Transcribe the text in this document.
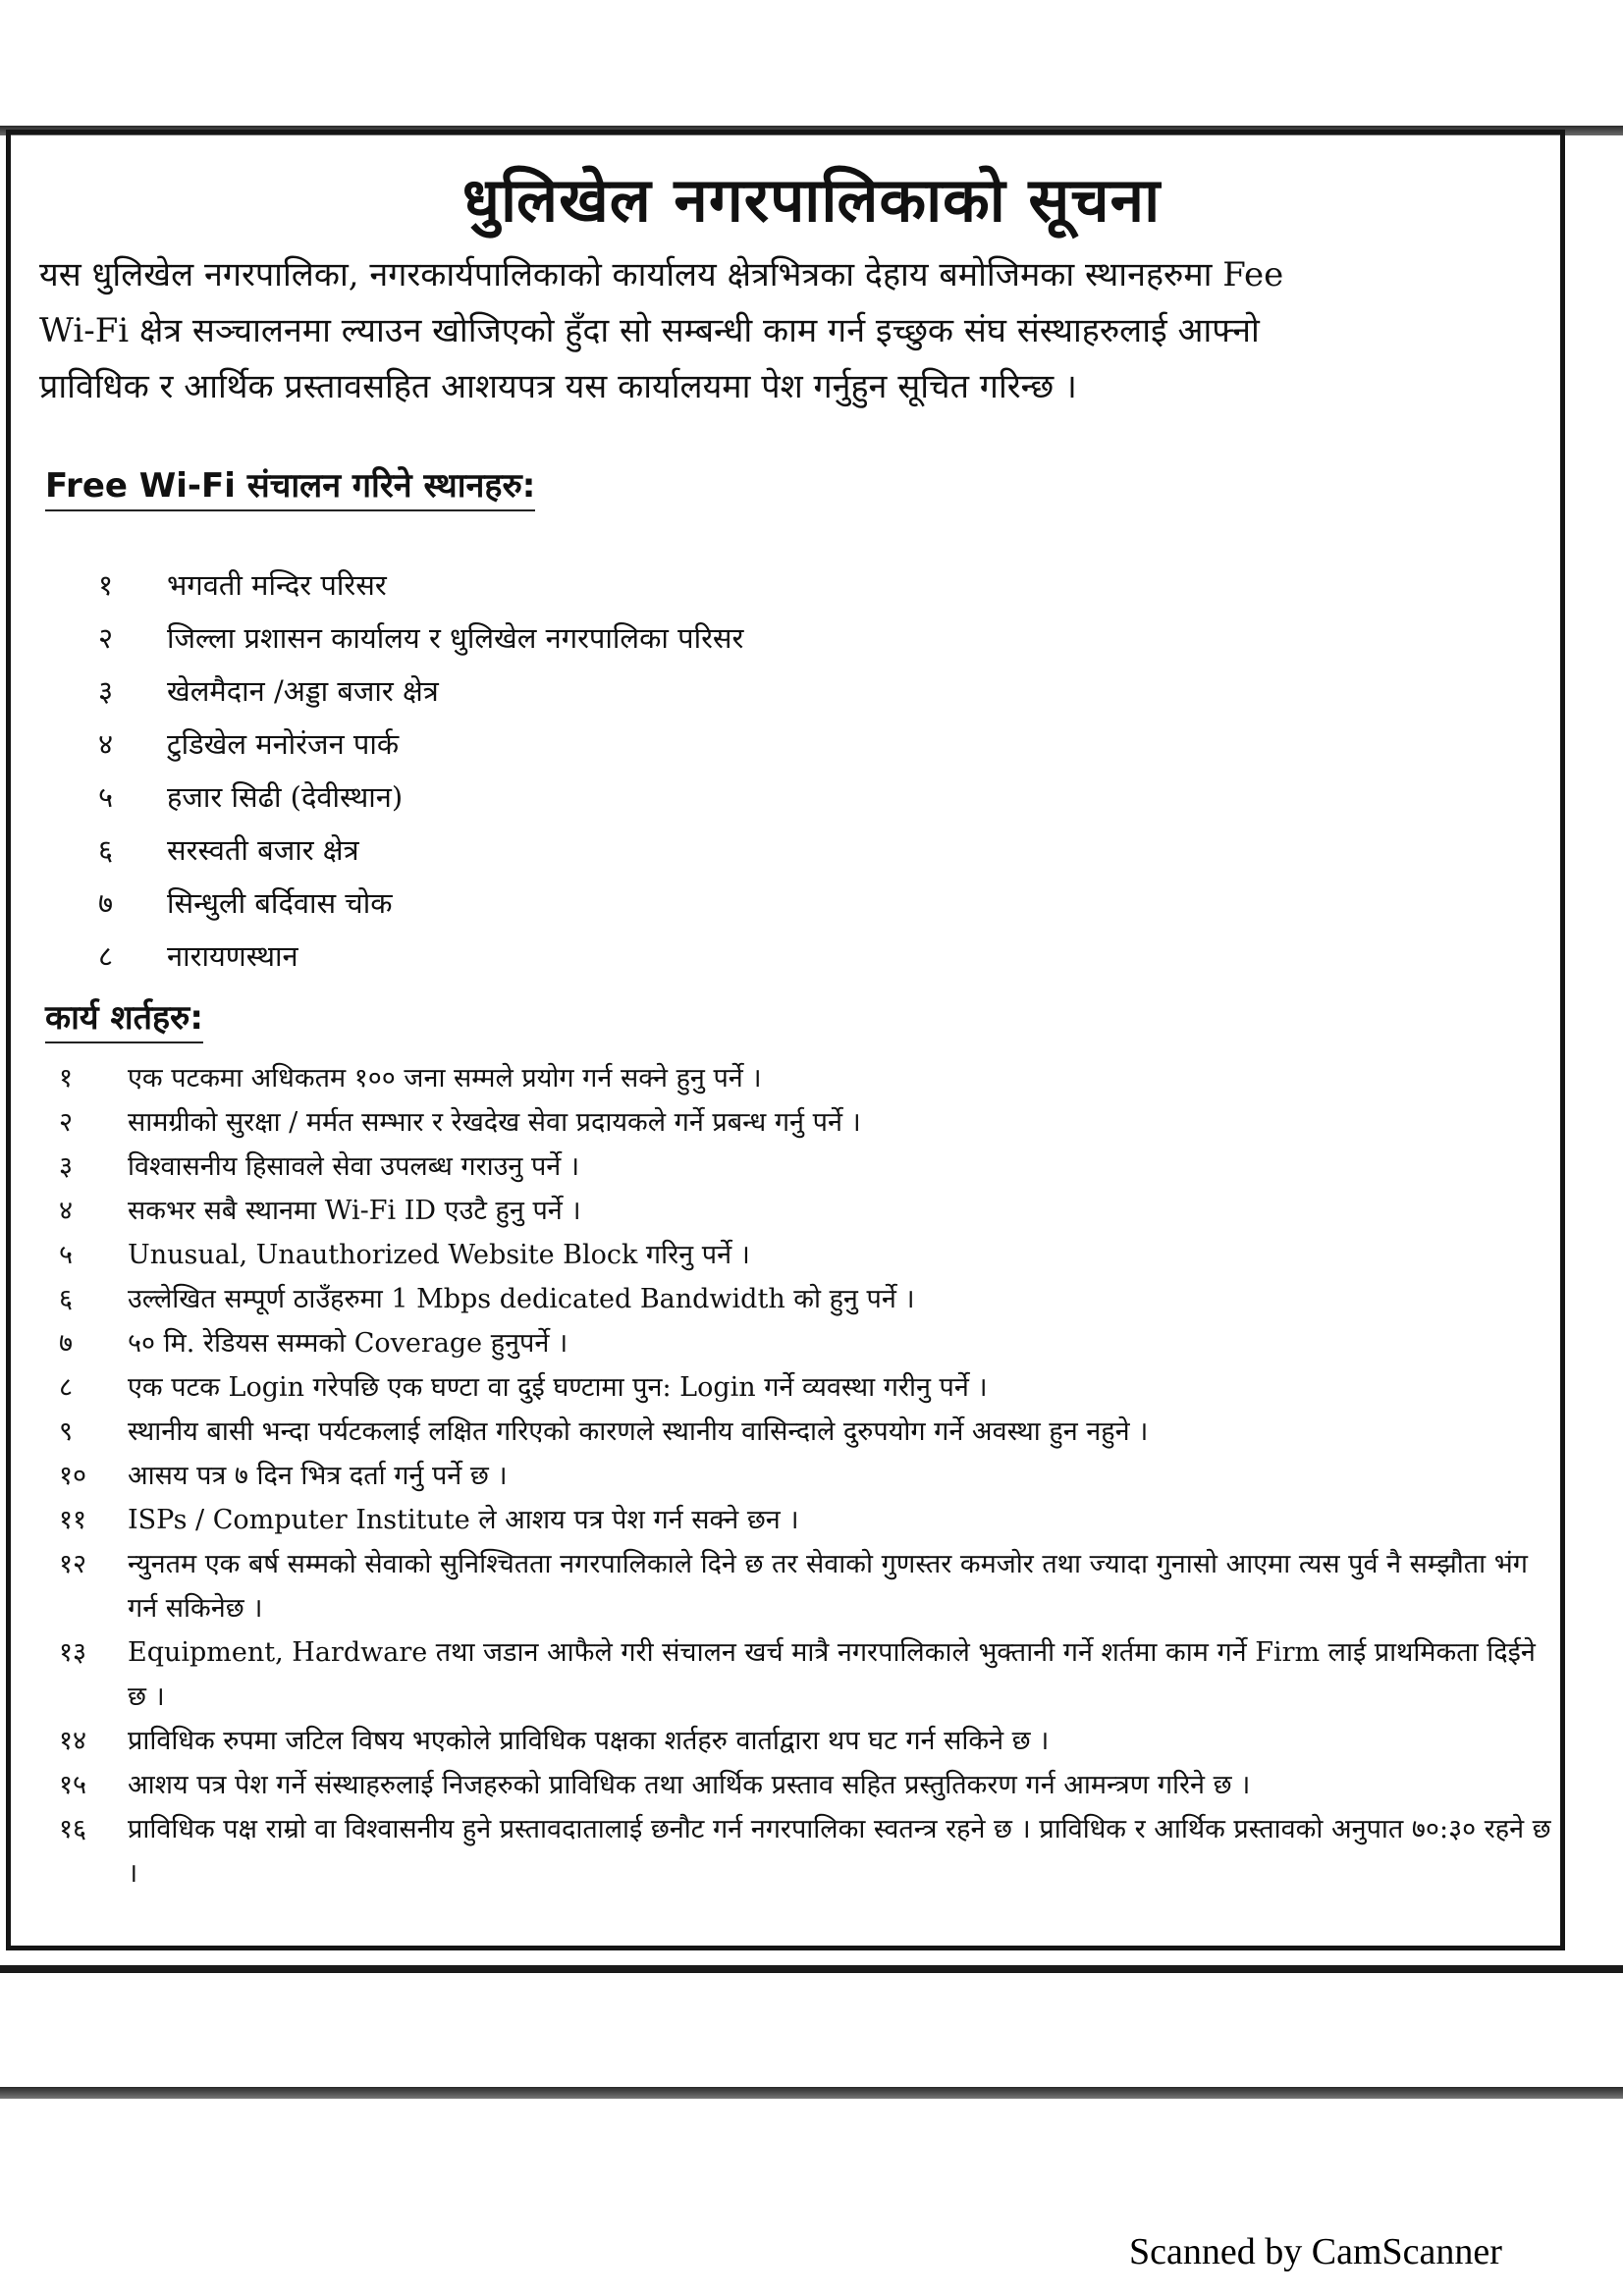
धुलिखेल नगरपालिकाको सूचना
यस धुलिखेल नगरपालिका, नगरकार्यपालिकाको कार्यालय क्षेत्रभित्रका देहाय बमोजिमका स्थानहरुमा Fee Wi-Fi क्षेत्र सञ्चालनमा ल्याउन खोजिएको हुँदा सो सम्बन्धी काम गर्न इच्छुक संघ संस्थाहरुलाई आफ्नो प्राविधिक र आर्थिक प्रस्तावसहित आशयपत्र यस कार्यालयमा पेश गर्नुहुन सूचित गरिन्छ ।
Free Wi-Fi संचालन गरिने स्थानहरु:
१	भगवती मन्दिर परिसर
२	जिल्ला प्रशासन कार्यालय र धुलिखेल नगरपालिका परिसर
३	खेलमैदान /अड्डा बजार क्षेत्र
४	टुडिखेल मनोरंजन पार्क
५	हजार सिढी (देवीस्थान)
६	सरस्वती बजार क्षेत्र
७	सिन्धुली बर्दिवास चोक
८	नारायणस्थान
कार्य शर्तहरु:
१	एक पटकमा अधिकतम १०० जना सम्मले प्रयोग गर्न सक्ने हुनु पर्ने ।
२	सामग्रीको सुरक्षा / मर्मत सम्भार र रेखदेख सेवा प्रदायकले गर्ने प्रबन्ध गर्नु पर्ने ।
३	विश्वासनीय हिसावले सेवा उपलब्ध गराउनु पर्ने ।
४	सकभर सबै स्थानमा Wi-Fi ID एउटै हुनु पर्ने ।
५	Unusual, Unauthorized Website Block गरिनु पर्ने ।
६	उल्लेखित सम्पूर्ण ठाउँहरुमा 1 Mbps dedicated Bandwidth को हुनु पर्ने ।
७	५० मि. रेडियस सम्मको Coverage हुनुपर्ने ।
८	एक पटक Login गरेपछि एक घण्टा वा दुई घण्टामा पुन: Login गर्ने व्यवस्था गरीनु पर्ने ।
९	स्थानीय बासी भन्दा पर्यटकलाई लक्षित गरिएको कारणले स्थानीय वासिन्दाले दुरुपयोग गर्ने अवस्था हुन नहुने ।
१०	आसय पत्र ७ दिन भित्र दर्ता गर्नु पर्ने छ ।
११	ISPs / Computer Institute ले आशय पत्र पेश गर्न सक्ने छन ।
१२	न्युनतम एक बर्ष सम्मको सेवाको सुनिश्चितता नगरपालिकाले दिने छ तर सेवाको गुणस्तर कमजोर तथा ज्यादा गुनासो आएमा त्यस पुर्व नै सम्झौता भंग गर्न सकिनेछ ।
१३	Equipment, Hardware तथा जडान आफैले गरी संचालन खर्च मात्रै नगरपालिकाले भुक्तानी गर्ने शर्तमा काम गर्ने Firm लाई प्राथमिकता दिईने छ ।
१४	प्राविधिक रुपमा जटिल विषय भएकोले प्राविधिक पक्षका शर्तहरु वार्ताद्वारा थप घट गर्न सकिने छ ।
१५	आशय पत्र पेश गर्ने संस्थाहरुलाई निजहरुको प्राविधिक तथा आर्थिक प्रस्ताव सहित प्रस्तुतिकरण गर्न आमन्त्रण गरिने छ ।
१६	प्राविधिक पक्ष राम्रो वा विश्वासनीय हुने प्रस्तावदातालाई छनौट गर्न नगरपालिका स्वतन्त्र रहने छ । प्राविधिक र आर्थिक प्रस्तावको अनुपात ७०:३० रहने छ ।
Scanned by CamScanner
